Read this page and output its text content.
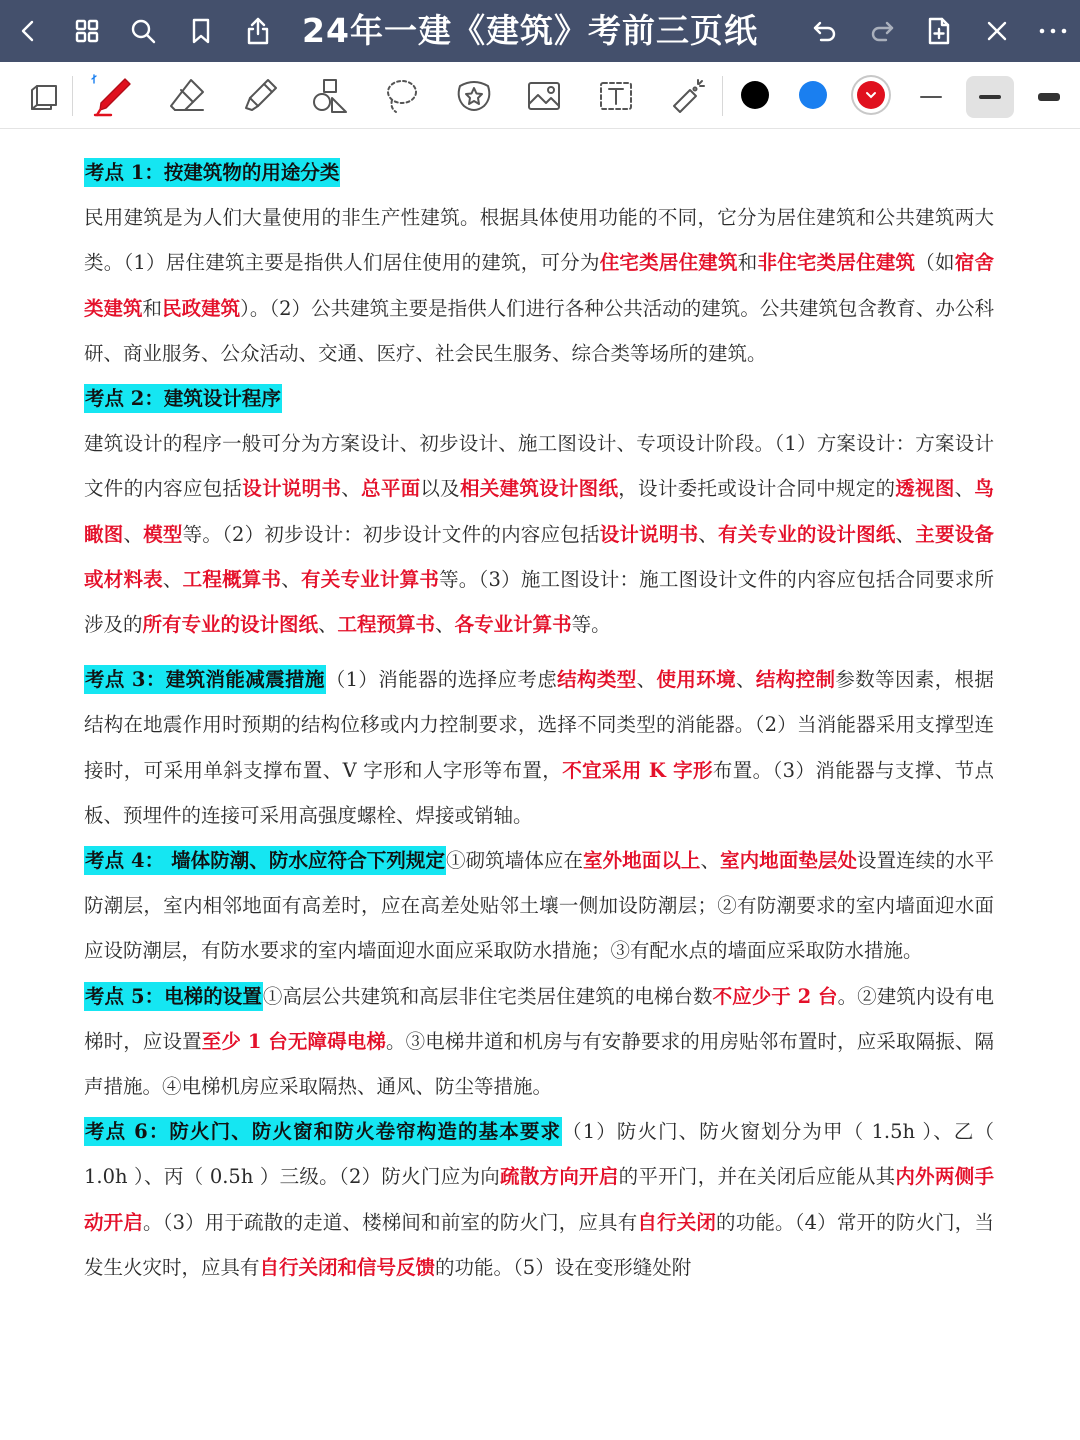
24年一建《建筑》考前三页纸

考点 1：按建筑物的用途分类

民用建筑是为人们大量使用的非生产性建筑。根据具体使用功能的不同，它分为居住建筑和公共建筑两大类。（1）居住建筑主要是指供人们居住使用的建筑，可分为住宅类居住建筑和非住宅类居住建筑（如宿舍类建筑和民政建筑）。（2）公共建筑主要是指供人们进行各种公共活动的建筑。公共建筑包含教育、办公科研、商业服务、公众活动、交通、医疗、社会民生服务、综合类等场所的建筑。

考点 2：建筑设计程序

建筑设计的程序一般可分为方案设计、初步设计、施工图设计、专项设计阶段。（1）方案设计：方案设计文件的内容应包括设计说明书、总平面以及相关建筑设计图纸，设计委托或设计合同中规定的透视图、鸟瞰图、模型等。（2）初步设计：初步设计文件的内容应包括设计说明书、有关专业的设计图纸、主要设备或材料表、工程概算书、有关专业计算书等。（3）施工图设计：施工图设计文件的内容应包括合同要求所涉及的所有专业的设计图纸、工程预算书、各专业计算书等。

考点 3：建筑消能减震措施（1）消能器的选择应考虑结构类型、使用环境、结构控制参数等因素，根据结构在地震作用时预期的结构位移或内力控制要求，选择不同类型的消能器。（2）当消能器采用支撑型连接时，可采用单斜支撑布置、V 字形和人字形等布置，不宜采用 K 字形布置。（3）消能器与支撑、节点板、预埋件的连接可采用高强度螺栓、焊接或销轴。

考点 4： 墙体防潮、防水应符合下列规定①砌筑墙体应在室外地面以上、室内地面垫层处设置连续的水平防潮层，室内相邻地面有高差时，应在高差处贴邻土壤一侧加设防潮层；②有防潮要求的室内墙面迎水面应设防潮层，有防水要求的室内墙面迎水面应采取防水措施；③有配水点的墙面应采取防水措施。

考点 5：电梯的设置①高层公共建筑和高层非住宅类居住建筑的电梯台数不应少于 2 台。②建筑内设有电梯时，应设置至少 1 台无障碍电梯。③电梯井道和机房与有安静要求的用房贴邻布置时，应采取隔振、隔声措施。④电梯机房应采取隔热、通风、防尘等措施。

考点 6：防火门、防火窗和防火卷帘构造的基本要求（1）防火门、防火窗划分为甲（ 1.5h ）、乙（ 1.0h ）、丙（ 0.5h ）三级。（2）防火门应为向疏散方向开启的平开门，并在关闭后应能从其内外两侧手动开启。（3）用于疏散的走道、楼梯间和前室的防火门，应具有自行关闭的功能。（4）常开的防火门，当发生火灾时，应具有自行关闭和信号反馈的功能。（5）设在变形缝处附
